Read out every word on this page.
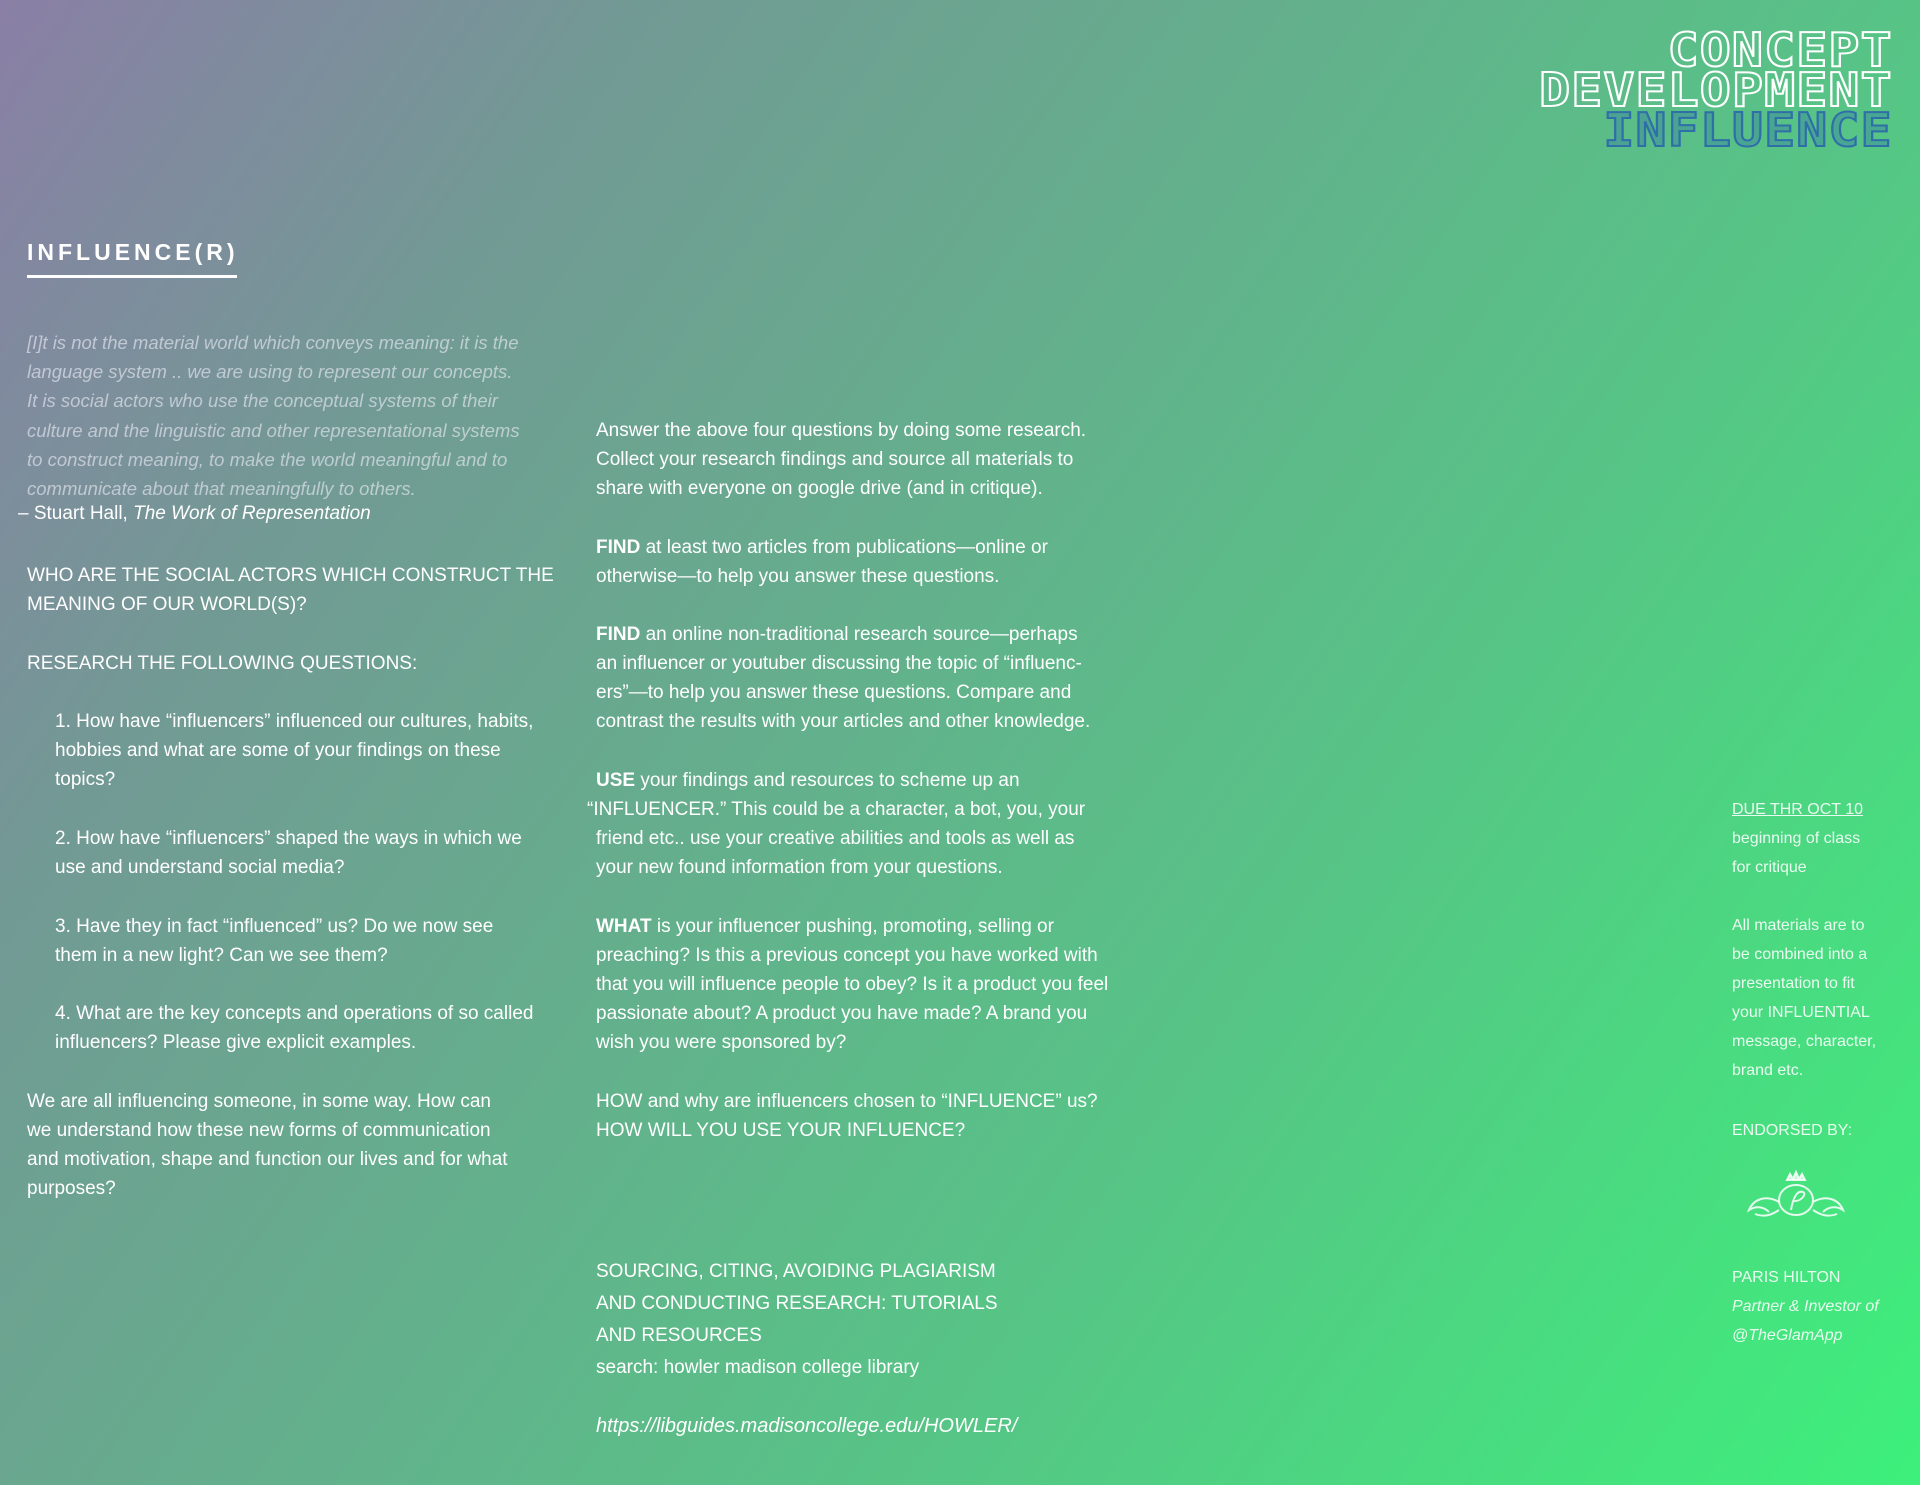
CONCEPT
DEVELOPMENT
INFLUENCE
INFLUENCE(R)
[I]t is not the material world which conveys meaning: it is the
language system .. we are using to represent our concepts.
It is social actors who use the conceptual systems of their
culture and the linguistic and other representational systems
to construct meaning, to make the world meaningful and to
communicate about that meaningfully to others.
– Stuart Hall, The Work of Representation
WHO ARE THE SOCIAL ACTORS WHICH CONSTRUCT THE
MEANING OF OUR WORLD(S)?
RESEARCH THE FOLLOWING QUESTIONS:
1. How have “influencers” influenced our cultures, habits,
hobbies and what are some of your findings on these
topics?
2. How have “influencers” shaped the ways in which we
use and understand social media?
3. Have they in fact “influenced” us? Do we now see
them in a new light? Can we see them?
4. What are the key concepts and operations of so called
influencers? Please give explicit examples.
We are all influencing someone, in some way. How can
we understand how these new forms of communication
and motivation, shape and function our lives and for what
purposes?
Answer the above four questions by doing some research.
Collect your research findings and source all materials to
share with everyone on google drive (and in critique).
FIND at least two articles from publications—online or
otherwise—to help you answer these questions.
FIND an online non-traditional research source—perhaps
an influencer or youtuber discussing the topic of “influenc-
ers”—to help you answer these questions. Compare and
contrast the results with your articles and other knowledge.
USE your findings and resources to scheme up an
“INFLUENCER.” This could be a character, a bot, you, your
friend etc.. use your creative abilities and tools as well as
your new found information from your questions.
WHAT is your influencer pushing, promoting, selling or
preaching? Is this a previous concept you have worked with
that you will influence people to obey? Is it a product you feel
passionate about? A product you have made? A brand you
wish you were sponsored by?
HOW and why are influencers chosen to “INFLUENCE” us?
HOW WILL YOU USE YOUR INFLUENCE?
SOURCING, CITING, AVOIDING PLAGIARISM
AND CONDUCTING RESEARCH: TUTORIALS
AND RESOURCES
search: howler madison college library
https://libguides.madisoncollege.edu/HOWLER/
DUE THR OCT 10
beginning of class
for critique
All materials are to
be combined into a
presentation to fit
your INFLUENTIAL
message, character,
brand etc.
ENDORSED BY:
PARIS HILTON
Partner & Investor of
@TheGlamApp
